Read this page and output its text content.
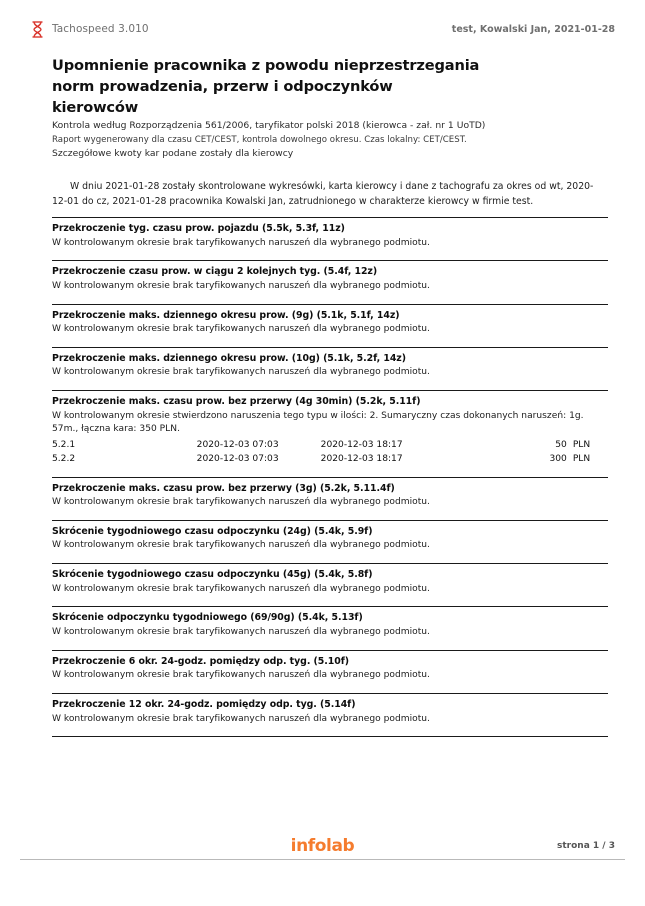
Tachospeed 3.010	test, Kowalski Jan, 2021-01-28
Upomnienie pracownika z powodu nieprzestrzegania norm prowadzenia, przerw i odpoczynków kierowców
Kontrola według Rozporządzenia 561/2006, taryfikator polski 2018 (kierowca - zał. nr 1 UoTD)
Raport wygenerowany dla czasu CET/CEST, kontrola dowolnego okresu. Czas lokalny: CET/CEST.
Szczegółowe kwoty kar podane zostały dla kierowcy

W dniu 2021-01-28 zostały skontrolowane wykresówki, karta kierowcy i dane z tachografu za okres od wt, 2020-12-01 do cz, 2021-01-28 pracownika Kowalski Jan, zatrudnionego w charakterze kierowcy w firmie test.

Przekroczenie tyg. czasu prow. pojazdu (5.5k, 5.3f, 11z)
W kontrolowanym okresie brak taryfikowanych naruszeń dla wybranego podmiotu.
Przekroczenie czasu prow. w ciągu 2 kolejnych tyg. (5.4f, 12z)
W kontrolowanym okresie brak taryfikowanych naruszeń dla wybranego podmiotu.
Przekroczenie maks. dziennego okresu prow. (9g) (5.1k, 5.1f, 14z)
W kontrolowanym okresie brak taryfikowanych naruszeń dla wybranego podmiotu.
Przekroczenie maks. dziennego okresu prow. (10g) (5.1k, 5.2f, 14z)
W kontrolowanym okresie brak taryfikowanych naruszeń dla wybranego podmiotu.
Przekroczenie maks. czasu prow. bez przerwy (4g 30min) (5.2k, 5.11f)
W kontrolowanym okresie stwierdzono naruszenia tego typu w ilości: 2. Sumaryczny czas dokonanych naruszeń: 1g. 57m., łączna kara: 350 PLN.
5.2.1	2020-12-03 07:03	2020-12-03 18:17	50	PLN
5.2.2	2020-12-03 07:03	2020-12-03 18:17	300	PLN
Przekroczenie maks. czasu prow. bez przerwy (3g) (5.2k, 5.11.4f)
W kontrolowanym okresie brak taryfikowanych naruszeń dla wybranego podmiotu.
Skrócenie tygodniowego czasu odpoczynku (24g) (5.4k, 5.9f)
W kontrolowanym okresie brak taryfikowanych naruszeń dla wybranego podmiotu.
Skrócenie tygodniowego czasu odpoczynku (45g) (5.4k, 5.8f)
W kontrolowanym okresie brak taryfikowanych naruszeń dla wybranego podmiotu.
Skrócenie odpoczynku tygodniowego (69/90g) (5.4k, 5.13f)
W kontrolowanym okresie brak taryfikowanych naruszeń dla wybranego podmiotu.
Przekroczenie 6 okr. 24-godz. pomiędzy odp. tyg. (5.10f)
W kontrolowanym okresie brak taryfikowanych naruszeń dla wybranego podmiotu.
Przekroczenie 12 okr. 24-godz. pomiędzy odp. tyg. (5.14f)
W kontrolowanym okresie brak taryfikowanych naruszeń dla wybranego podmiotu.
infolab	strona 1 / 3
